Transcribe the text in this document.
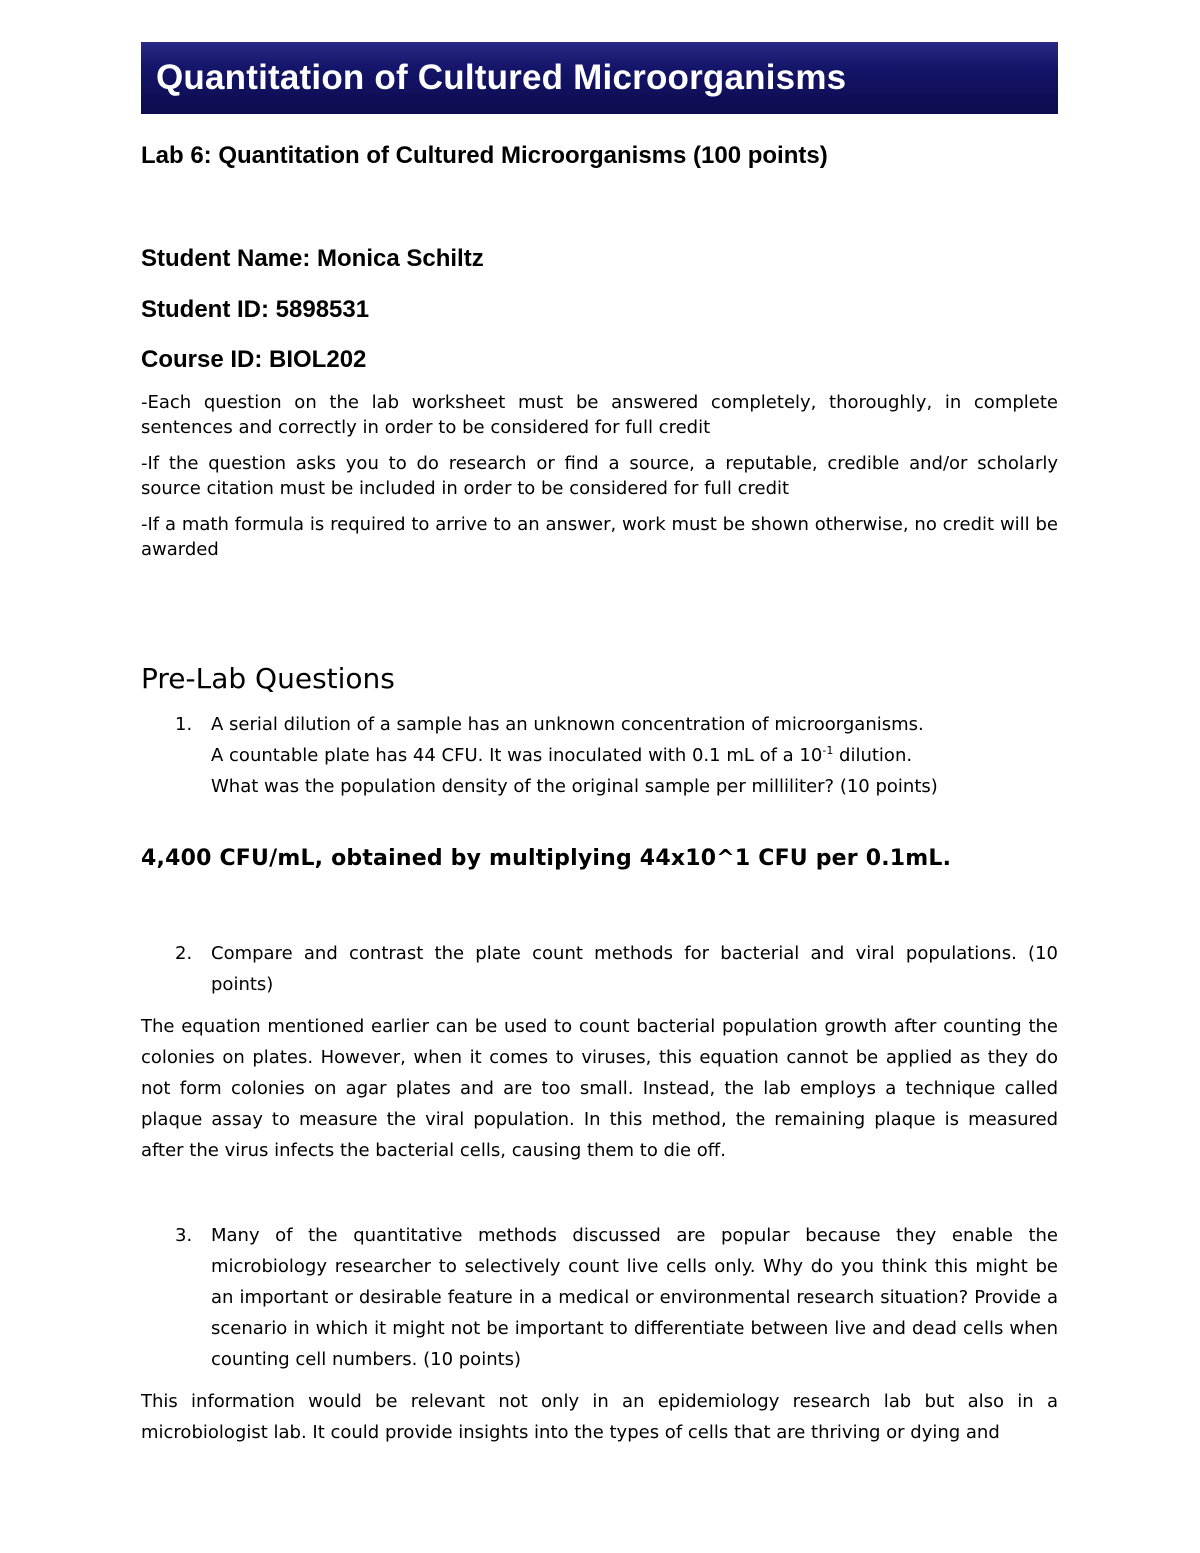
Quantitation of Cultured Microorganisms
Lab 6: Quantitation of Cultured Microorganisms (100 points)

Student Name: Monica Schiltz

Student ID: 5898531

Course ID: BIOL202

-Each question on the lab worksheet must be answered completely, thoroughly, in complete sentences and correctly in order to be considered for full credit

-If the question asks you to do research or find a source, a reputable, credible and/or scholarly source citation must be included in order to be considered for full credit

-If a math formula is required to arrive to an answer, work must be shown otherwise, no credit will be awarded

Pre-Lab Questions
1. A serial dilution of a sample has an unknown concentration of microorganisms.
A countable plate has 44 CFU. It was inoculated with 0.1 mL of a $10^{-1}$ dilution.
What was the population density of the original sample per milliliter? (10 points)

4,400 CFU/mL, obtained by multiplying 44x10^1 CFU per 0.1mL.

2. Compare and contrast the plate count methods for bacterial and viral populations. (10 points)

The equation mentioned earlier can be used to count bacterial population growth after counting the colonies on plates. However, when it comes to viruses, this equation cannot be applied as they do not form colonies on agar plates and are too small. Instead, the lab employs a technique called plaque assay to measure the viral population. In this method, the remaining plaque is measured after the virus infects the bacterial cells, causing them to die off.

3. Many of the quantitative methods discussed are popular because they enable the microbiology researcher to selectively count live cells only. Why do you think this might be an important or desirable feature in a medical or environmental research situation? Provide a scenario in which it might not be important to differentiate between live and dead cells when counting cell numbers. (10 points)

This information would be relevant not only in an epidemiology research lab but also in a microbiologist lab. It could provide insights into the types of cells that are thriving or dying and
